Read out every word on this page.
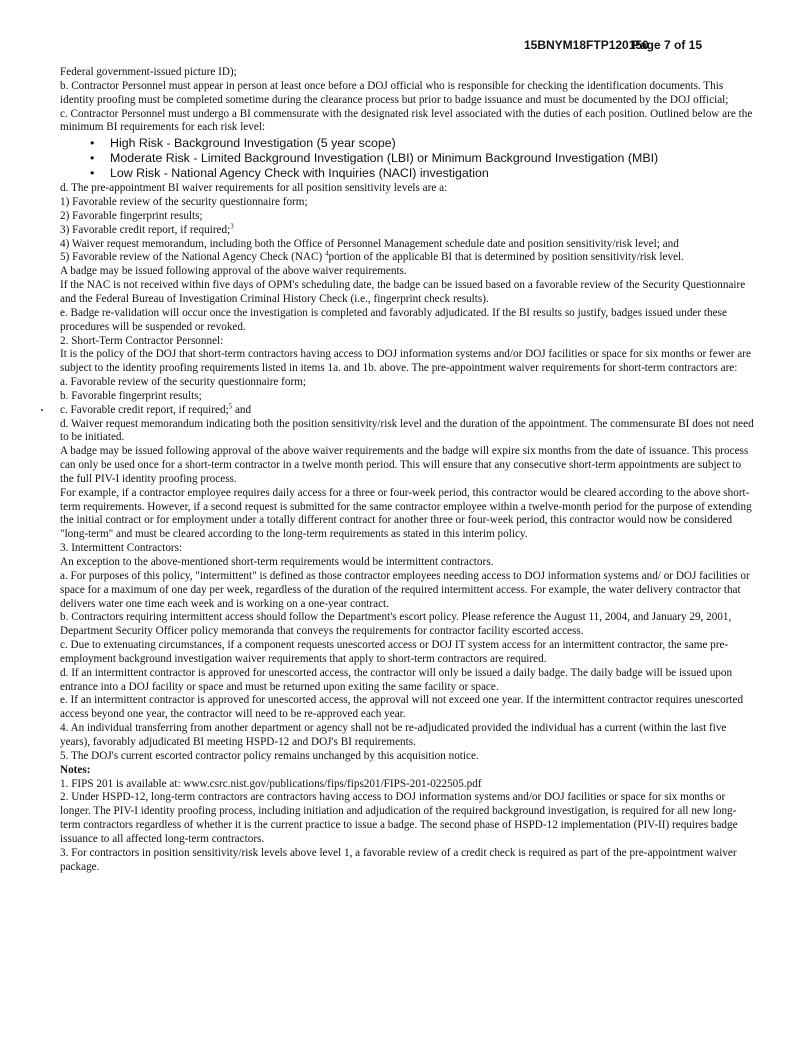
15BNYM18FTP120150
Page 7 of 15

Federal government-issued picture ID);

b. Contractor Personnel must appear in person at least once before a DOJ official who is responsible for checking the identification documents. This identity proofing must be completed sometime during the clearance process but prior to badge issuance and must be documented by the DOJ official;

c. Contractor Personnel must undergo a BI commensurate with the designated risk level associated with the duties of each position. Outlined below are the minimum BI requirements for each risk level:

• High Risk - Background Investigation (5 year scope)
• Moderate Risk - Limited Background Investigation (LBI) or Minimum Background Investigation (MBI)
• Low Risk - National Agency Check with Inquiries (NACI) investigation

d. The pre-appointment BI waiver requirements for all position sensitivity levels are a:

1) Favorable review of the security questionnaire form;

2) Favorable fingerprint results;

3) Favorable credit report, if required;$^3$

4) Waiver request memorandum, including both the Office of Personnel Management schedule date and position sensitivity/risk level; and

5) Favorable review of the National Agency Check (NAC) $^4$portion of the applicable BI that is determined by position sensitivity/risk level.

A badge may be issued following approval of the above waiver requirements.

If the NAC is not received within five days of OPM's scheduling date, the badge can be issued based on a favorable review of the Security Questionnaire and the Federal Bureau of Investigation Criminal History Check (i.e., fingerprint check results).

e. Badge re-validation will occur once the investigation is completed and favorably adjudicated. If the BI results so justify, badges issued under these procedures will be suspended or revoked.

2. Short-Term Contractor Personnel:

It is the policy of the DOJ that short-term contractors having access to DOJ information systems and/or DOJ facilities or space for six months or fewer are subject to the identity proofing requirements listed in items 1a. and 1b. above. The pre-appointment waiver requirements for short-term contractors are:

a. Favorable review of the security questionnaire form;

b. Favorable fingerprint results;

c. Favorable credit report, if required;$^5$ and

d. Waiver request memorandum indicating both the position sensitivity/risk level and the duration of the appointment. The commensurate BI does not need to be initiated.

A badge may be issued following approval of the above waiver requirements and the badge will expire six months from the date of issuance. This process can only be used once for a short-term contractor in a twelve month period. This will ensure that any consecutive short-term appointments are subject to the full PIV-I identity proofing process.

For example, if a contractor employee requires daily access for a three or four-week period, this contractor would be cleared according to the above short-term requirements. However, if a second request is submitted for the same contractor employee within a twelve-month period for the purpose of extending the initial contract or for employment under a totally different contract for another three or four-week period, this contractor would now be considered "long-term" and must be cleared according to the long-term requirements as stated in this interim policy.

3. Intermittent Contractors:

An exception to the above-mentioned short-term requirements would be intermittent contractors.

a. For purposes of this policy, "intermittent" is defined as those contractor employees needing access to DOJ information systems and/ or DOJ facilities or space for a maximum of one day per week, regardless of the duration of the required intermittent access. For example, the water delivery contractor that delivers water one time each week and is working on a one-year contract.

b. Contractors requiring intermittent access should follow the Department's escort policy. Please reference the August 11, 2004, and January 29, 2001, Department Security Officer policy memoranda that conveys the requirements for contractor facility escorted access.

c. Due to extenuating circumstances, if a component requests unescorted access or DOJ IT system access for an intermittent contractor, the same pre-employment background investigation waiver requirements that apply to short-term contractors are required.

d. If an intermittent contractor is approved for unescorted access, the contractor will only be issued a daily badge. The daily badge will be issued upon entrance into a DOJ facility or space and must be returned upon exiting the same facility or space.

e. If an intermittent contractor is approved for unescorted access, the approval will not exceed one year. If the intermittent contractor requires unescorted access beyond one year, the contractor will need to be re-approved each year.

4. An individual transferring from another department or agency shall not be re-adjudicated provided the individual has a current (within the last five years), favorably adjudicated BI meeting HSPD-12 and DOJ's BI requirements.

5. The DOJ's current escorted contractor policy remains unchanged by this acquisition notice.

Notes:

1. FIPS 201 is available at: www.csrc.nist.gov/publications/fips/fips201/FIPS-201-022505.pdf

2. Under HSPD-12, long-term contractors are contractors having access to DOJ information systems and/or DOJ facilities or space for six months or longer. The PIV-I identity proofing process, including initiation and adjudication of the required background investigation, is required for all new long-term contractors regardless of whether it is the current practice to issue a badge. The second phase of HSPD-12 implementation (PIV-II) requires badge issuance to all affected long-term contractors.

3. For contractors in position sensitivity/risk levels above level 1, a favorable review of a credit check is required as part of the pre-appointment waiver package.
